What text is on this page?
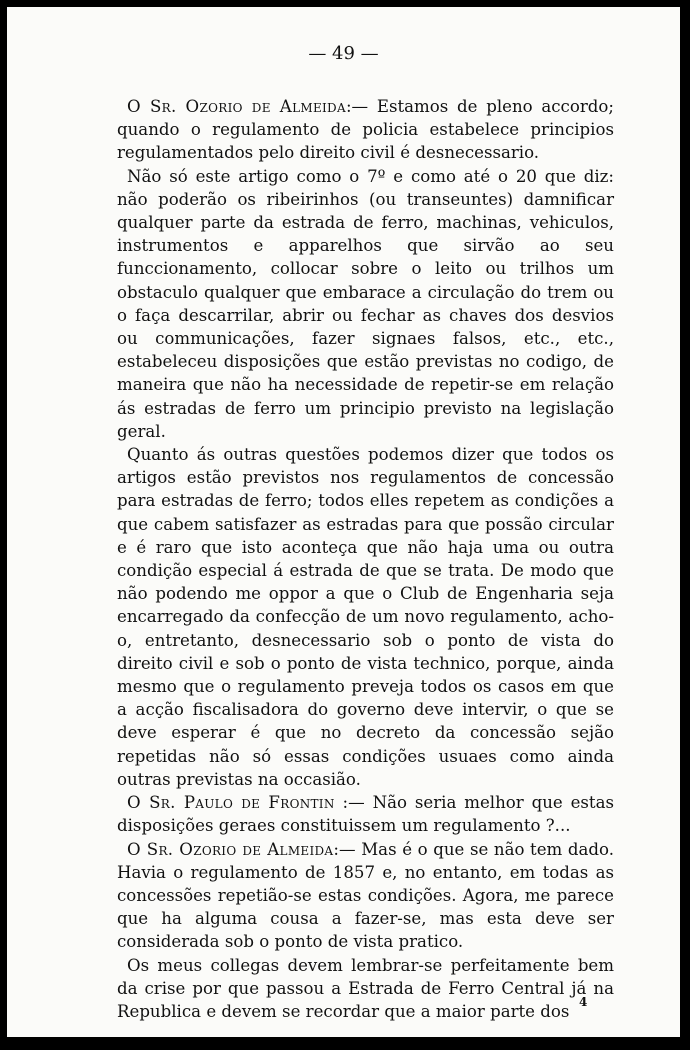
— 49 —

O Sr. Ozorio de Almeida:— Estamos de pleno accordo; quando o regulamento de policia estabelece principios regulamentados pelo direito civil é desnecessario.

Não só este artigo como o 7º e como até o 20 que diz: não poderão os ribeirinhos (ou transeuntes) damnificar qualquer parte da estrada de ferro, machinas, vehiculos, instrumentos e apparelhos que sirvão ao seu funccionamento, collocar sobre o leito ou trilhos um obstaculo qualquer que embarace a circulação do trem ou o faça descarrilar, abrir ou fechar as chaves dos desvios ou communicações, fazer signaes falsos, etc., etc., estabeleceu disposições que estão previstas no codigo, de maneira que não ha necessidade de repetir-se em relação ás estradas de ferro um principio previsto na legislação geral.

Quanto ás outras questões podemos dizer que todos os artigos estão previstos nos regulamentos de concessão para estradas de ferro; todos elles repetem as condições a que cabem satisfazer as estradas para que possão circular e é raro que isto aconteça que não haja uma ou outra condição especial á estrada de que se trata. De modo que não podendo me oppor a que o Club de Engenharia seja encarregado da confecção de um novo regulamento, acho-o, entretanto, desnecessario sob o ponto de vista do direito civil e sob o ponto de vista technico, porque, ainda mesmo que o regulamento preveja todos os casos em que a acção fiscalisadora do governo deve intervir, o que se deve esperar é que no decreto da concessão sejão repetidas não só essas condições usuaes como ainda outras previstas na occasião.

O Sr. Paulo de Frontin :— Não seria melhor que estas disposições geraes constituissem um regulamento ?...

O Sr. Ozorio de Almeida:— Mas é o que se não tem dado. Havia o regulamento de 1857 e, no entanto, em todas as concessões repetião-se estas condições. Agora, me parece que ha alguma cousa a fazer-se, mas esta deve ser considerada sob o ponto de vista pratico.

Os meus collegas devem lembrar-se perfeitamente bem da crise por que passou a Estrada de Ferro Central já na Republica e devem se recordar que a maior parte dos 4
